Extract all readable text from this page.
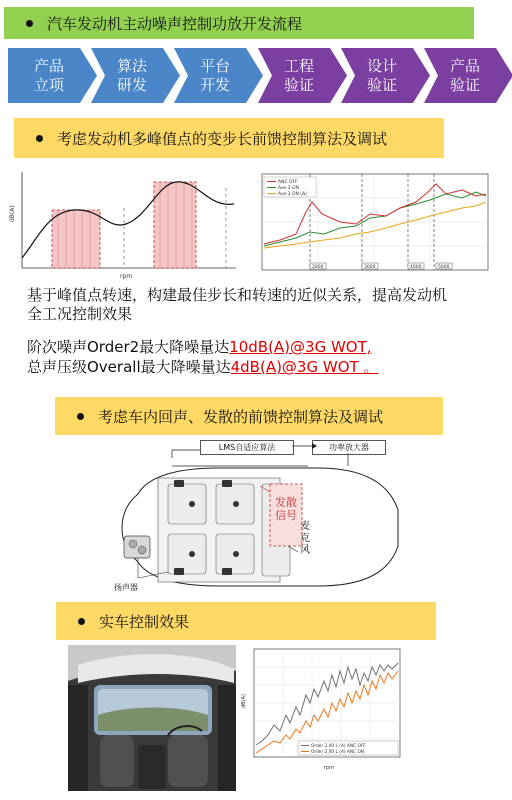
汽车发动机主动噪声控制功放开发流程
产品
立项
算法
研发
平台
开发
工程
验证
设计
验证
产品
验证
考虑发动机多峰值点的变步长前馈控制算法及调试
dB(A)
rpm
ANC OFF
Ave 3 ON
Ave 3 ON (Δ)
2000	3000	4000	5000
基于峰值点转速，构建最佳步长和转速的近似关系，提高发动机
全工况控制效果
阶次噪声Order2最大降噪量达10dB(A)@3G WOT,
总声压级Overall最大降噪量达4dB(A)@3G WOT 。
考虑车内回声、发散的前馈控制算法及调试
LMS自适应算法	功率放大器
发散信号
麦克风
扬声器
实车控制效果
Order 2.00 L (A) ANC OFF
Order 2.00 L (A) ANC ON
rpm
dB(A)
